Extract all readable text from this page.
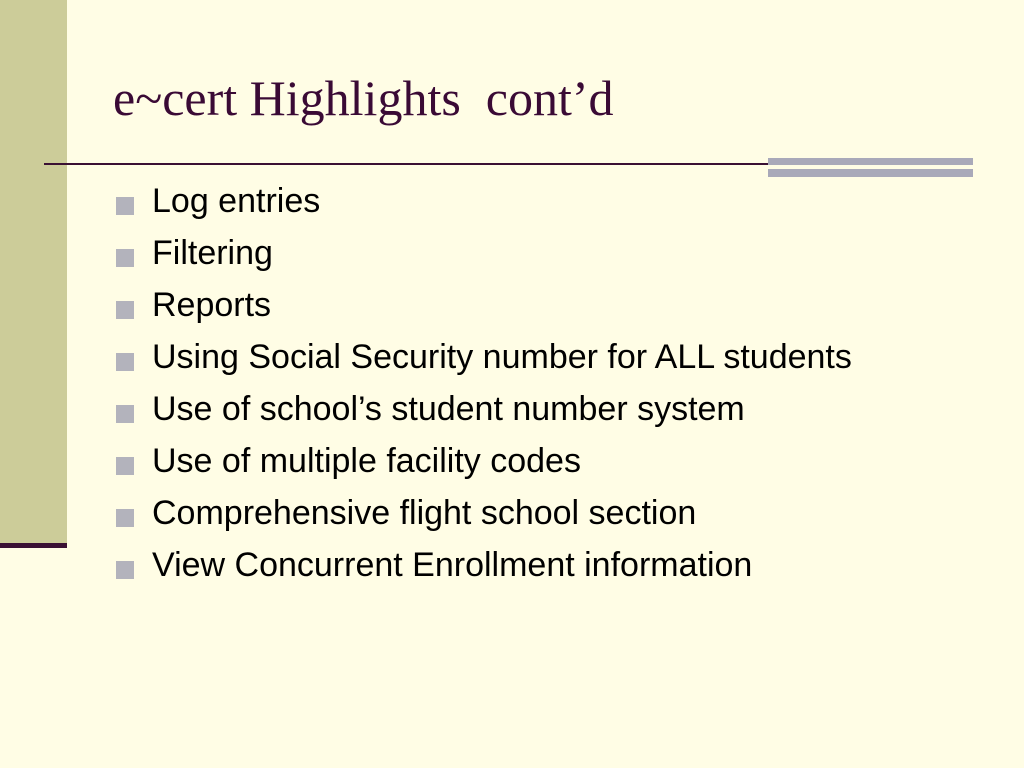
e~cert Highlights  cont’d
Log entries
Filtering
Reports
Using Social Security number for ALL students
Use of school’s student number system
Use of multiple facility codes
Comprehensive flight school section
View Concurrent Enrollment information
